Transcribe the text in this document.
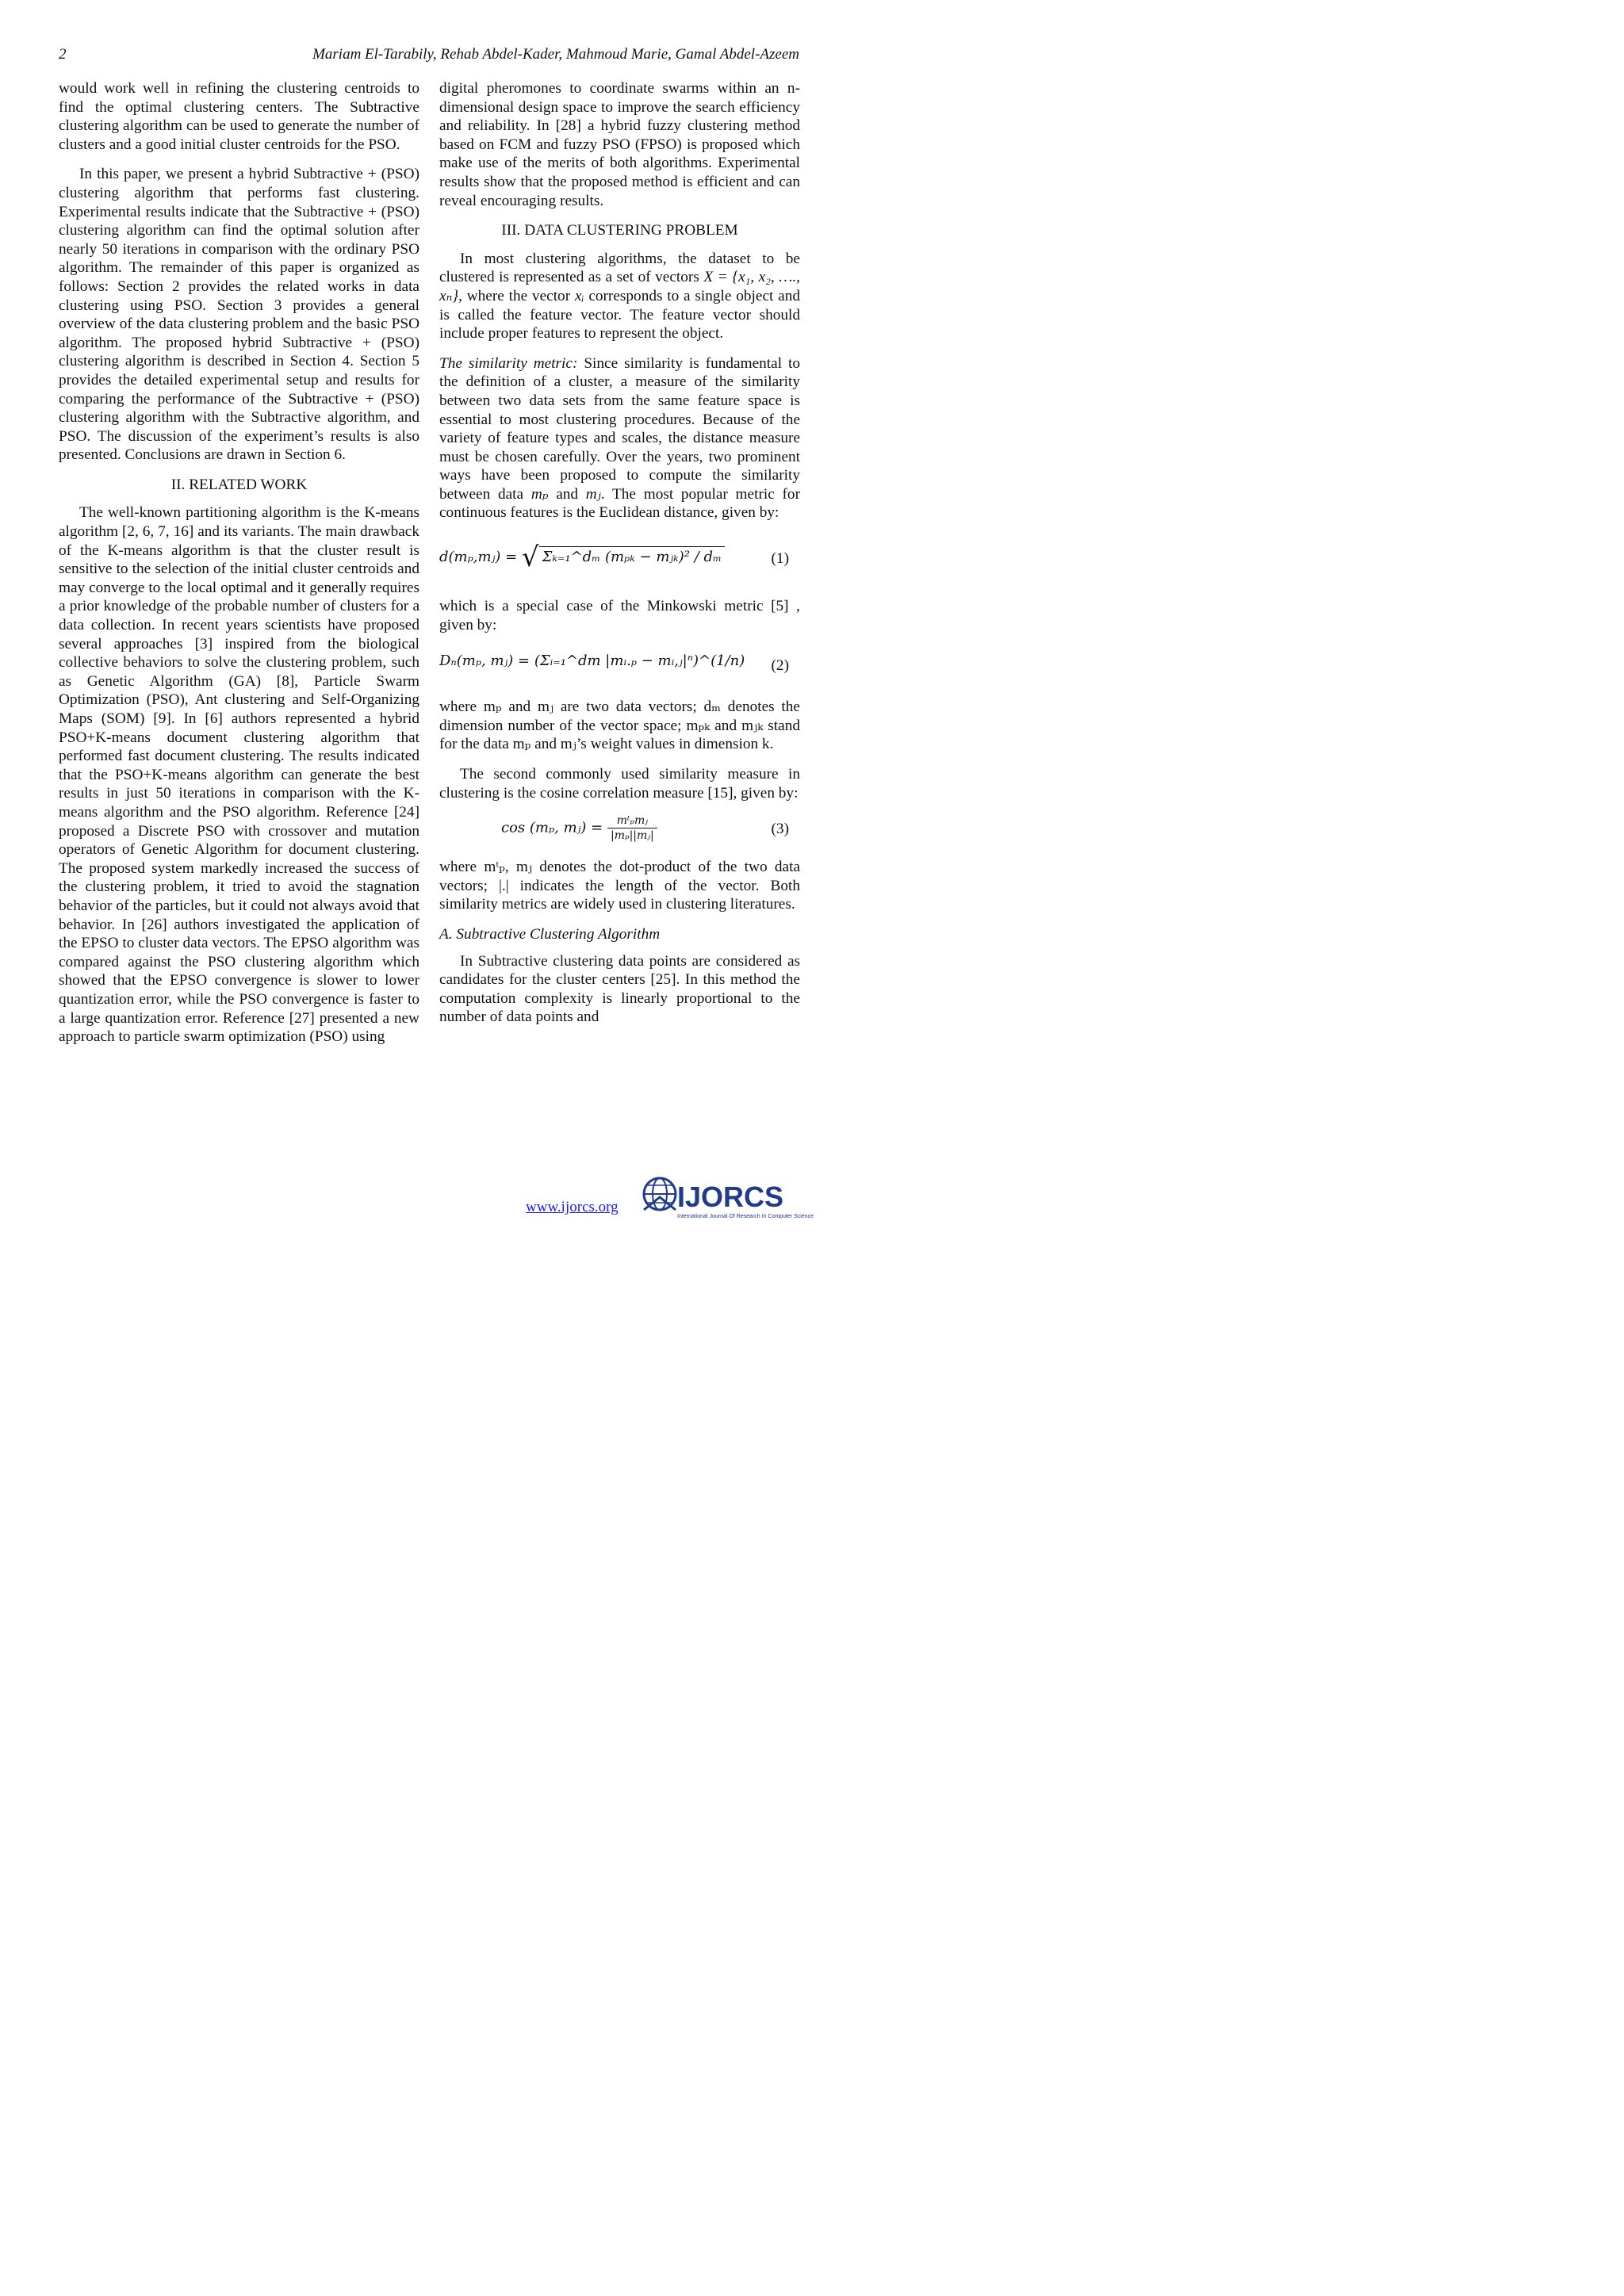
2	Mariam El-Tarabily, Rehab Abdel-Kader, Mahmoud Marie, Gamal Abdel-Azeem

would work well in refining the clustering centroids to find the optimal clustering centers. The Subtractive clustering algorithm can be used to generate the number of clusters and a good initial cluster centroids for the PSO.

In this paper, we present a hybrid Subtractive + (PSO) clustering algorithm that performs fast clustering. Experimental results indicate that the Subtractive + (PSO) clustering algorithm can find the optimal solution after nearly 50 iterations in comparison with the ordinary PSO algorithm. The remainder of this paper is organized as follows: Section 2 provides the related works in data clustering using PSO. Section 3 provides a general overview of the data clustering problem and the basic PSO algorithm. The proposed hybrid Subtractive + (PSO) clustering algorithm is described in Section 4. Section 5 provides the detailed experimental setup and results for comparing the performance of the Subtractive + (PSO) clustering algorithm with the Subtractive algorithm, and PSO. The discussion of the experiment’s results is also presented. Conclusions are drawn in Section 6.

II. RELATED WORK

The well-known partitioning algorithm is the K-means algorithm [2, 6, 7, 16] and its variants. The main drawback of the K-means algorithm is that the cluster result is sensitive to the selection of the initial cluster centroids and may converge to the local optimal and it generally requires a prior knowledge of the probable number of clusters for a data collection. In recent years scientists have proposed several approaches [3] inspired from the biological collective behaviors to solve the clustering problem, such as Genetic Algorithm (GA) [8], Particle Swarm Optimization (PSO), Ant clustering and Self-Organizing Maps (SOM) [9]. In [6] authors represented a hybrid PSO+K-means document clustering algorithm that performed fast document clustering. The results indicated that the PSO+K-means algorithm can generate the best results in just 50 iterations in comparison with the K-means algorithm and the PSO algorithm. Reference [24] proposed a Discrete PSO with crossover and mutation operators of Genetic Algorithm for document clustering. The proposed system markedly increased the success of the clustering problem, it tried to avoid the stagnation behavior of the particles, but it could not always avoid that behavior. In [26] authors investigated the application of the EPSO to cluster data vectors. The EPSO algorithm was compared against the PSO clustering algorithm which showed that the EPSO convergence is slower to lower quantization error, while the PSO convergence is faster to a large quantization error. Reference [27] presented a new approach to particle swarm optimization (PSO) using

digital pheromones to coordinate swarms within an n-dimensional design space to improve the search efficiency and reliability. In [28] a hybrid fuzzy clustering method based on FCM and fuzzy PSO (FPSO) is proposed which make use of the merits of both algorithms. Experimental results show that the proposed method is efficient and can reveal encouraging results.

III. DATA CLUSTERING PROBLEM

In most clustering algorithms, the dataset to be clustered is represented as a set of vectors X = {x₁, x₂, …., xₙ}, where the vector xᵢ corresponds to a single object and is called the feature vector. The feature vector should include proper features to represent the object.

The similarity metric: Since similarity is fundamental to the definition of a cluster, a measure of the similarity between two data sets from the same feature space is essential to most clustering procedures. Because of the variety of feature types and scales, the distance measure must be chosen carefully. Over the years, two prominent ways have been proposed to compute the similarity between data mₚ and mⱼ. The most popular metric for continuous features is the Euclidean distance, given by:

d(mₚ,mⱼ) = √ Σₖ₌₁^dₘ (mₚₖ − mⱼₖ)² / dₘ	(1)

which is a special case of the Minkowski metric [5] , given by:

Dₙ(mₚ, mⱼ) = (Σᵢ₌₁^dm |mᵢ.ₚ − mᵢ,ⱼ|ⁿ)^(1/n) (2)

where mₚ and mⱼ are two data vectors; dₘ denotes the dimension number of the vector space; mₚₖ and mⱼₖ stand for the data mₚ and mⱼ’s weight values in dimension k.

The second commonly used similarity measure in clustering is the cosine correlation measure [15], given by:

cos (mₚ, mⱼ) =	mᵗₚmⱼ
|mₚ||mⱼ|	(3)

where mᵗₚ, mⱼ denotes the dot-product of the two data vectors; |.| indicates the length of the vector. Both similarity metrics are widely used in clustering literatures.

A. Subtractive Clustering Algorithm

In Subtractive clustering data points are considered as candidates for the cluster centers [25]. In this method the computation complexity is linearly proportional to the number of data points and

www.ijorcs.org IJORCS
International Journal Of Research In Computer Science
